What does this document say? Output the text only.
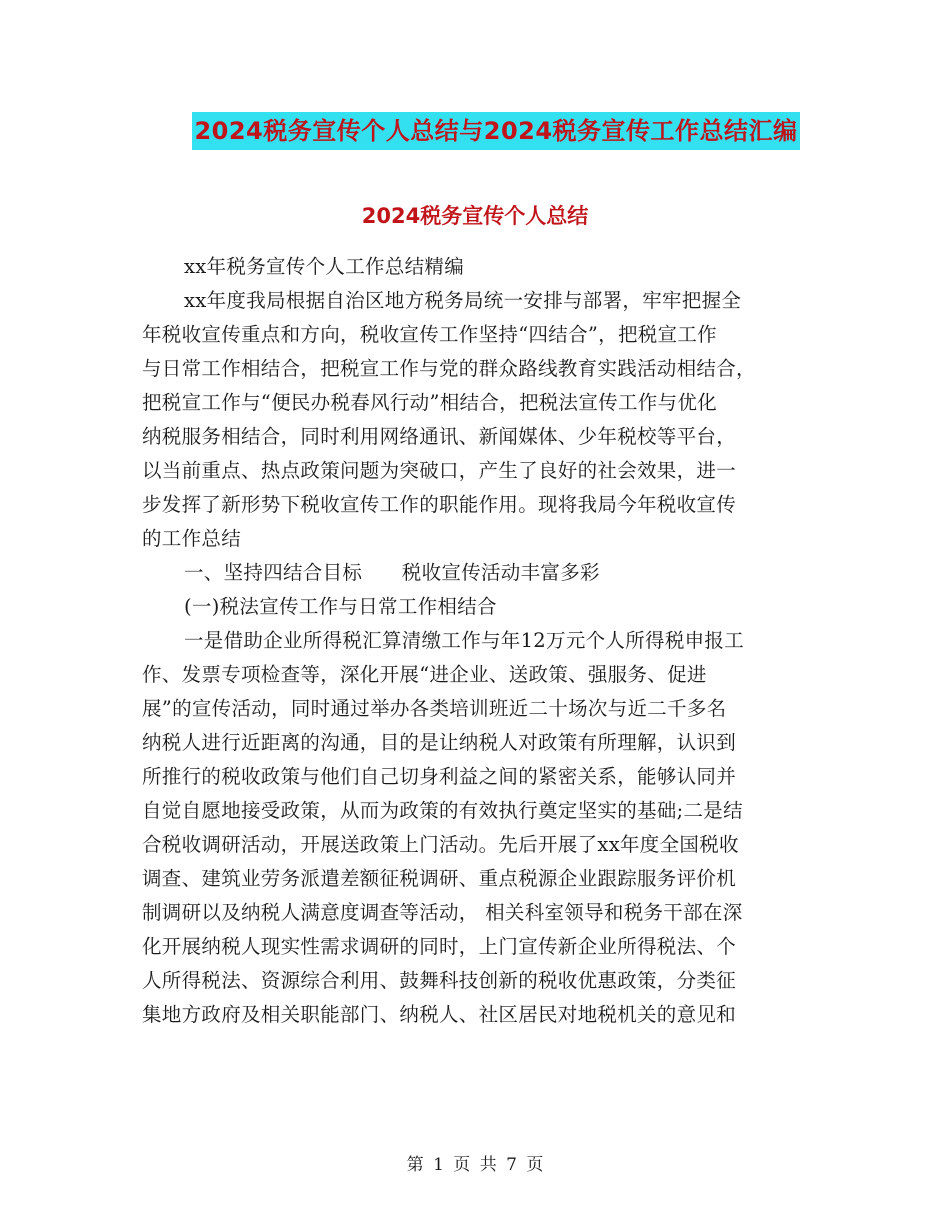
2024税务宣传个人总结与2024税务宣传工作总结汇编
2024税务宣传个人总结
xx年税务宣传个人工作总结精编
xx年度我局根据自治区地方税务局统一安排与部署，牢牢把握全
年税收宣传重点和方向，税收宣传工作坚持“四结合”，把税宣工作
与日常工作相结合，把税宣工作与党的群众路线教育实践活动相结合，
把税宣工作与“便民办税春风行动”相结合，把税法宣传工作与优化
纳税服务相结合，同时利用网络通讯、新闻媒体、少年税校等平台，
以当前重点、热点政策问题为突破口，产生了良好的社会效果，进一
步发挥了新形势下税收宣传工作的职能作用。现将我局今年税收宣传
的工作总结
一、坚持四结合目标　　税收宣传活动丰富多彩
(一)税法宣传工作与日常工作相结合
一是借助企业所得税汇算清缴工作与年12万元个人所得税申报工
作、发票专项检查等，深化开展“进企业、送政策、强服务、促进
展”的宣传活动，同时通过举办各类培训班近二十场次与近二千多名
纳税人进行近距离的沟通，目的是让纳税人对政策有所理解，认识到
所推行的税收政策与他们自己切身利益之间的紧密关系，能够认同并
自觉自愿地接受政策，从而为政策的有效执行奠定坚实的基础;二是结
合税收调研活动，开展送政策上门活动。先后开展了xx年度全国税收
调查、建筑业劳务派遣差额征税调研、重点税源企业跟踪服务评价机
制调研以及纳税人满意度调查等活动， 相关科室领导和税务干部在深
化开展纳税人现实性需求调研的同时，上门宣传新企业所得税法、个
人所得税法、资源综合利用、鼓舞科技创新的税收优惠政策，分类征
集地方政府及相关职能部门、纳税人、社区居民对地税机关的意见和
第 1 页 共 7 页
